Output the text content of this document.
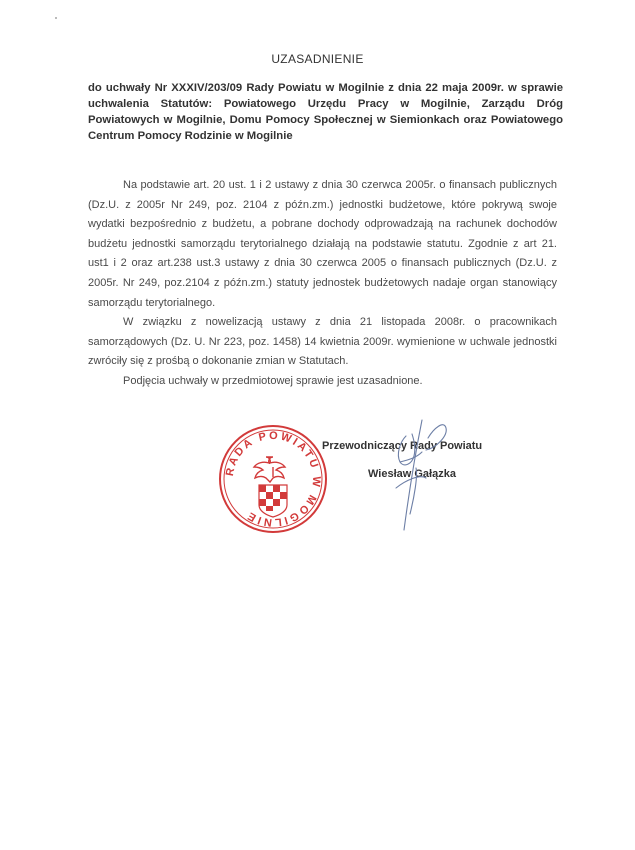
UZASADNIENIE
do uchwały Nr XXXIV/203/09 Rady Powiatu w Mogilnie z dnia 22 maja 2009r. w sprawie uchwalenia Statutów: Powiatowego Urzędu Pracy w Mogilnie, Zarządu Dróg Powiatowych w Mogilnie, Domu Pomocy Społecznej w Siemionkach oraz Powiatowego Centrum Pomocy Rodzinie w Mogilnie

Na podstawie art. 20 ust. 1 i 2 ustawy z dnia 30 czerwca 2005r. o finansach publicznych (Dz.U. z 2005r Nr 249, poz. 2104 z późn.zm.) jednostki budżetowe, które pokrywą swoje wydatki bezpośrednio z budżetu, a pobrane dochody odprowadzają na rachunek dochodów budżetu jednostki samorządu terytorialnego działają na podstawie statutu. Zgodnie z art 21. ust1 i 2 oraz art.238 ust.3 ustawy z dnia 30 czerwca 2005 o finansach publicznych (Dz.U. z 2005r. Nr 249, poz.2104 z późn.zm.) statuty jednostek budżetowych nadaje organ stanowiący samorządu terytorialnego.

W związku z nowelizacją ustawy z dnia 21 listopada 2008r. o pracownikach samorządowych (Dz. U. Nr 223, poz. 1458) 14 kwietnia 2009r. wymienione w uchwale jednostki zwróciły się z prośbą o dokonanie zmian w Statutach.

Podjęcia uchwały w przedmiotowej sprawie jest uzasadnione.

RADA POWIATU W MOGILNIE
Przewodniczący Rady Powiatu
Wiesław Gałązka
